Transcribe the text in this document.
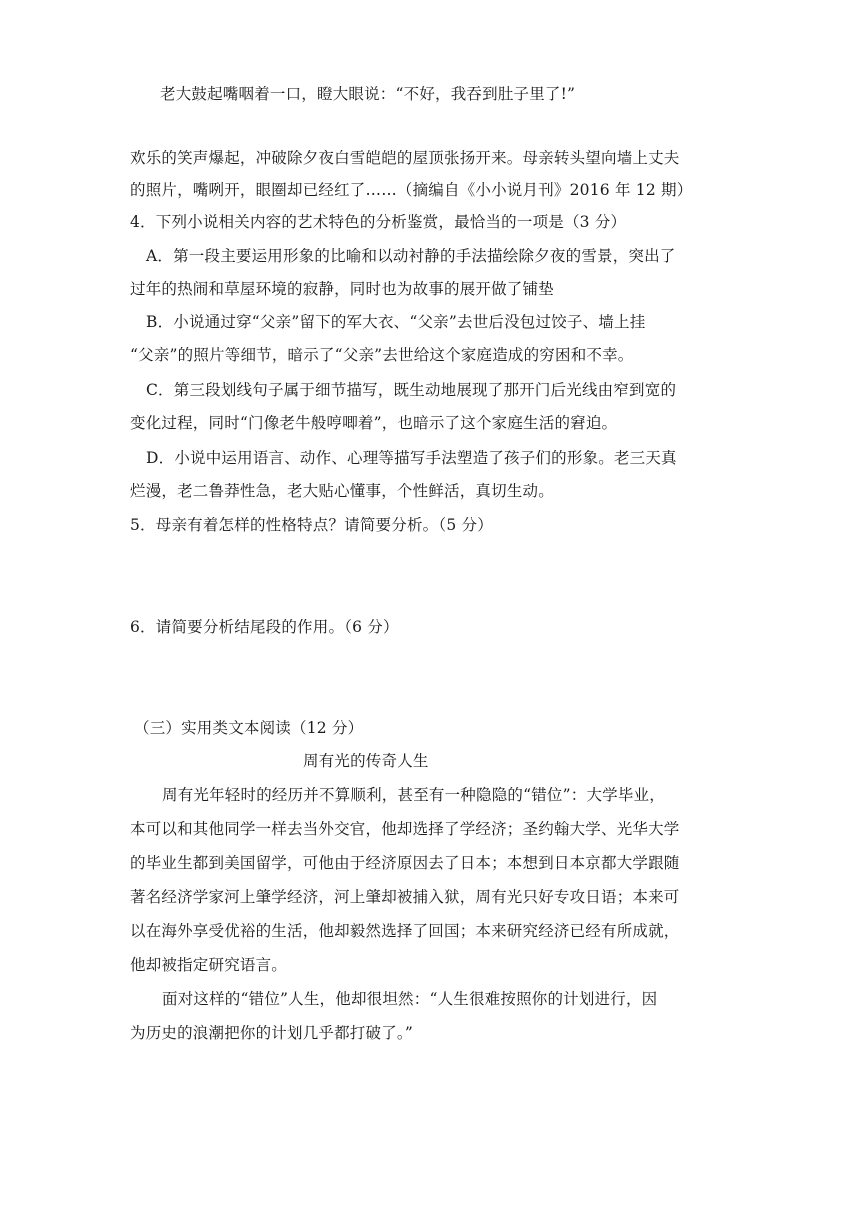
老大鼓起嘴咽着一口，瞪大眼说：“不好，我吞到肚子里了!”
欢乐的笑声爆起，冲破除夕夜白雪皑皑的屋顶张扬开来。母亲转头望向墙上丈夫
的照片，嘴咧开，眼圈却已经红了……（摘编自《小小说月刊》2016 年 12 期）
4．下列小说相关内容的艺术特色的分析鉴赏，最恰当的一项是（3 分）
A．第一段主要运用形象的比喻和以动衬静的手法描绘除夕夜的雪景，突出了
过年的热闹和草屋环境的寂静，同时也为故事的展开做了铺垫
B．小说通过穿“父亲”留下的军大衣、“父亲”去世后没包过饺子、墙上挂
“父亲”的照片等细节，暗示了“父亲”去世给这个家庭造成的穷困和不幸。
C．第三段划线句子属于细节描写，既生动地展现了那开门后光线由窄到宽的
变化过程，同时“门像老牛般哼唧着”，也暗示了这个家庭生活的窘迫。
D．小说中运用语言、动作、心理等描写手法塑造了孩子们的形象。老三天真
烂漫，老二鲁莽性急，老大贴心懂事，个性鲜活，真切生动。
5．母亲有着怎样的性格特点？请简要分析。（5 分）
6．请简要分析结尾段的作用。（6 分）
（三）实用类文本阅读（12 分）
周有光的传奇人生
周有光年轻时的经历并不算顺利，甚至有一种隐隐的“错位”：大学毕业，
本可以和其他同学一样去当外交官，他却选择了学经济；圣约翰大学、光华大学
的毕业生都到美国留学，可他由于经济原因去了日本；本想到日本京都大学跟随
著名经济学家河上肇学经济，河上肇却被捕入狱，周有光只好专攻日语；本来可
以在海外享受优裕的生活，他却毅然选择了回国；本来研究经济已经有所成就，
他却被指定研究语言。
面对这样的“错位”人生，他却很坦然：“人生很难按照你的计划进行，因
为历史的浪潮把你的计划几乎都打破了。”
